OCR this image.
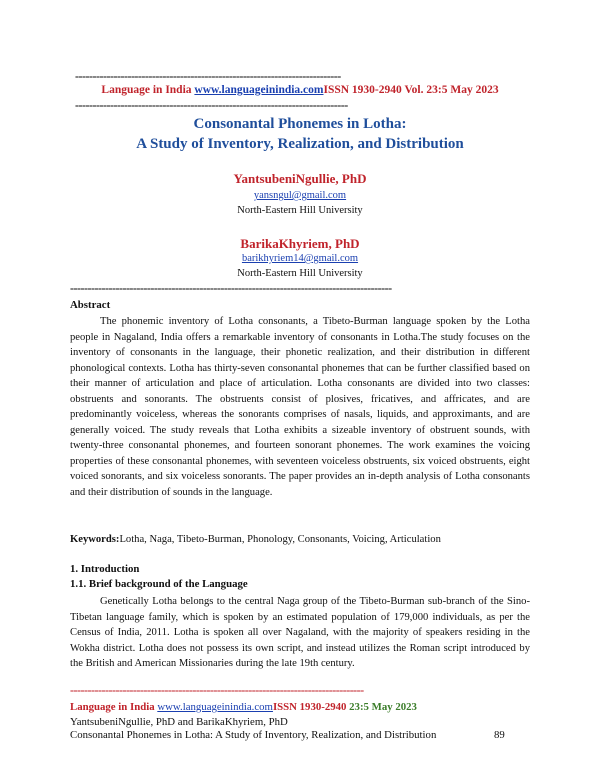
----------------------------------------------------------------------------
Language in India www.languageinindia.comISSN 1930-2940 Vol. 23:5 May 2023
------------------------------------------------------------------------------
Consonantal Phonemes in Lotha:
A Study of Inventory, Realization, and Distribution
YantsubeniNgullie, PhD
yansngul@gmail.com
North-Eastern Hill University
BarikaKhyriem, PhD
barikhyriem14@gmail.com
North-Eastern Hill University
--------------------------------------------------------------------------------------------
Abstract
The phonemic inventory of Lotha consonants, a Tibeto-Burman language spoken by the Lotha people in Nagaland, India offers a remarkable inventory of consonants in Lotha.The study focuses on the inventory of consonants in the language, their phonetic realization, and their distribution in different phonological contexts. Lotha has thirty-seven consonantal phonemes that can be further classified based on their manner of articulation and place of articulation. Lotha consonants are divided into two classes: obstruents and sonorants. The obstruents consist of plosives, fricatives, and affricates, and are predominantly voiceless, whereas the sonorants comprises of nasals, liquids, and approximants, and are generally voiced. The study reveals that Lotha exhibits a sizeable inventory of obstruent sounds, with twenty-three consonantal phonemes, and fourteen sonorant phonemes. The work examines the voicing properties of these consonantal phonemes, with seventeen voiceless obstruents, six voiced obstruents, eight voiced sonorants, and six voiceless sonorants. The paper provides an in-depth analysis of Lotha consonants and their distribution of sounds in the language.
Keywords:Lotha, Naga, Tibeto-Burman, Phonology, Consonants, Voicing, Articulation
1. Introduction
1.1. Brief background of the Language
Genetically Lotha belongs to the central Naga group of the Tibeto-Burman sub-branch of the Sino-Tibetan language family, which is spoken by an estimated population of 179,000 individuals, as per the Census of India, 2011. Lotha is spoken all over Nagaland, with the majority of speakers residing in the Wokha district. Lotha does not possess its own script, and instead utilizes the Roman script introduced by the British and American Missionaries during the late 19th century.
------------------------------------------------------------------------------------
Language in India www.languageinindia.comISSN 1930-2940 23:5 May 2023
YantsubeniNgullie, PhD and BarikaKhyriem, PhD
Consonantal Phonemes in Lotha: A Study of Inventory, Realization, and Distribution	89
